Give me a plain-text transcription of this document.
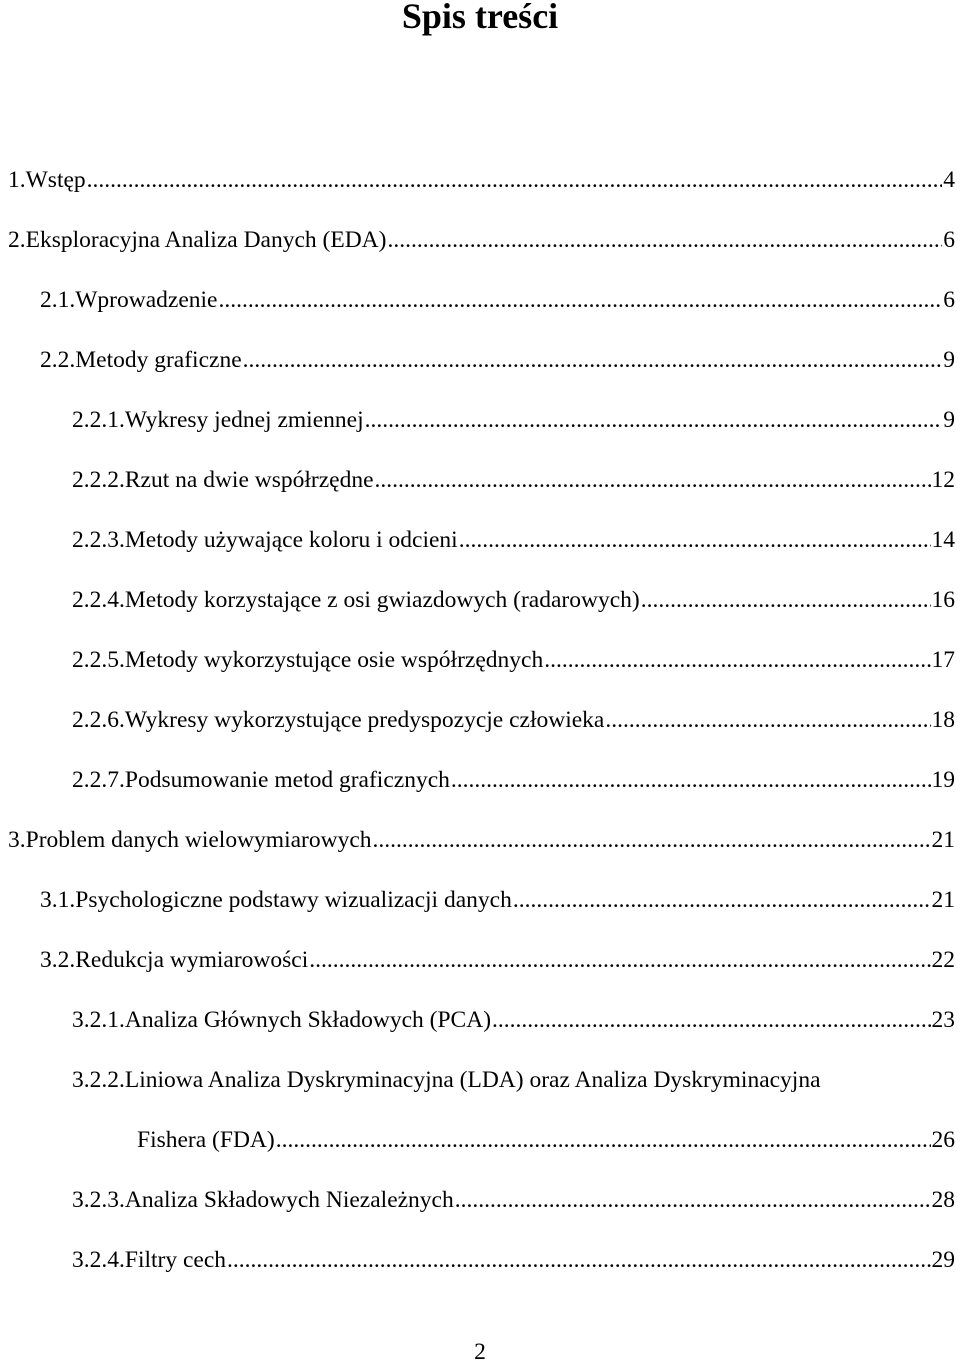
Spis treści
1. Wstęp .....	4
2. Eksploracyjna Analiza Danych (EDA) .....	6
2.1. Wprowadzenie .....	6
2.2. Metody graficzne .....	9
2.2.1. Wykresy jednej zmiennej .....	9
2.2.2. Rzut na dwie współrzędne .....	12
2.2.3. Metody używające koloru i odcieni .....	14
2.2.4. Metody korzystające z osi gwiazdowych (radarowych) .....	16
2.2.5. Metody wykorzystujące osie współrzędnych .....	17
2.2.6. Wykresy wykorzystujące predyspozycje człowieka .....	18
2.2.7. Podsumowanie metod graficznych .....	19
3. Problem danych wielowymiarowych .....	21
3.1. Psychologiczne podstawy wizualizacji danych .....	21
3.2. Redukcja wymiarowości .....	22
3.2.1. Analiza Głównych Składowych (PCA) .....	23
3.2.2. Liniowa Analiza Dyskryminacyjna (LDA) oraz Analiza Dyskryminacyjna
Fishera (FDA) .....	26
3.2.3. Analiza Składowych Niezależnych .....	28
3.2.4. Filtry cech .....	29
2
